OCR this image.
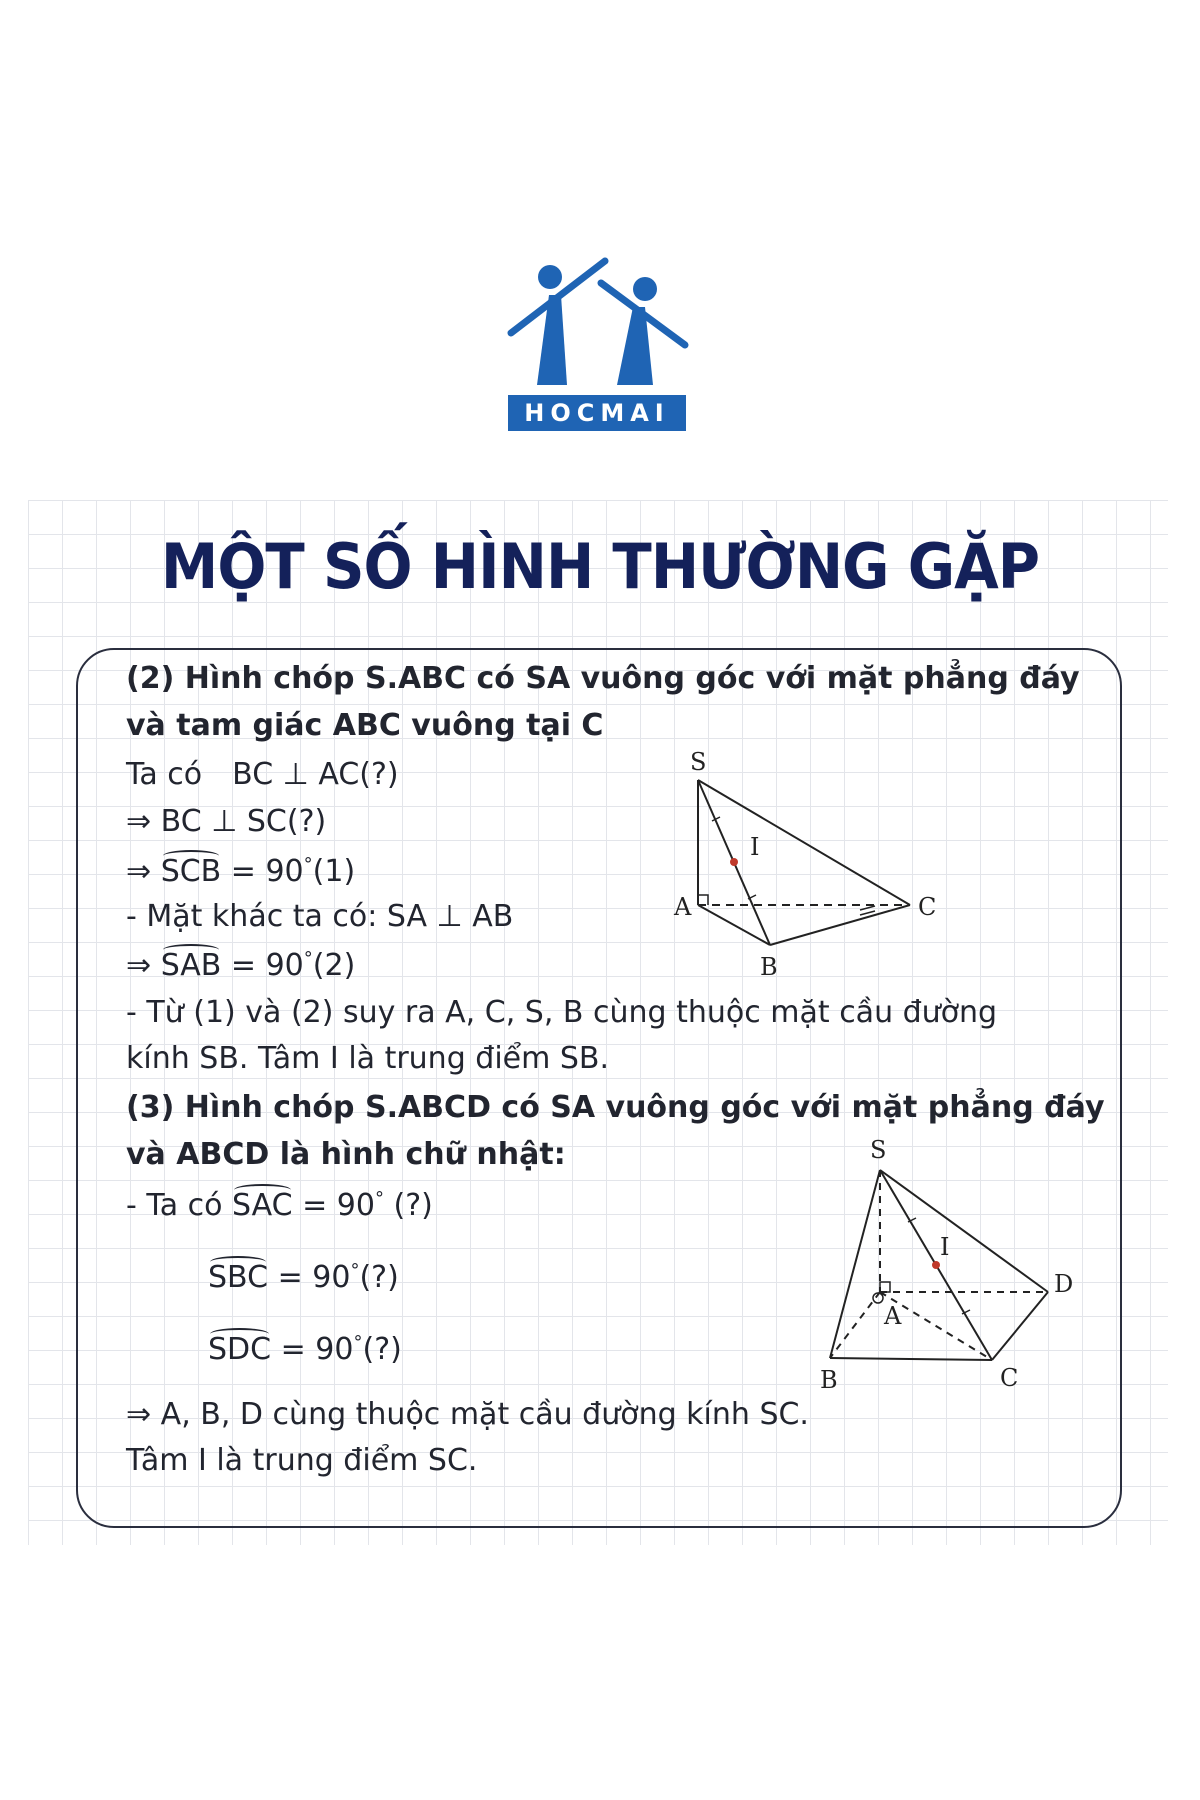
HOCMAI
MỘT SỐ HÌNH THƯỜNG GẶP
(2) Hình chóp S.ABC có SA vuông góc với mặt phẳng đáy
và tam giác ABC vuông tại C
Ta có BC ⊥ AC(?)
⇒ BC ⊥ SC(?)
⇒ SCB = 90°(1)
- Mặt khác ta có: SA ⊥ AB
⇒ SAB = 90°(2)
- Từ (1) và (2) suy ra A, C, S, B cùng thuộc mặt cầu đường
kính SB. Tâm I là trung điểm SB.
S
I
A
B
C
(3) Hình chóp S.ABCD có SA vuông góc với mặt phẳng đáy
và ABCD là hình chữ nhật:
- Ta có SAC = 90° (?)
SBC = 90°(?)
SDC = 90°(?)
⇒ A, B, D cùng thuộc mặt cầu đường kính SC.
Tâm I là trung điểm SC.
S
I
A
D
C
B
